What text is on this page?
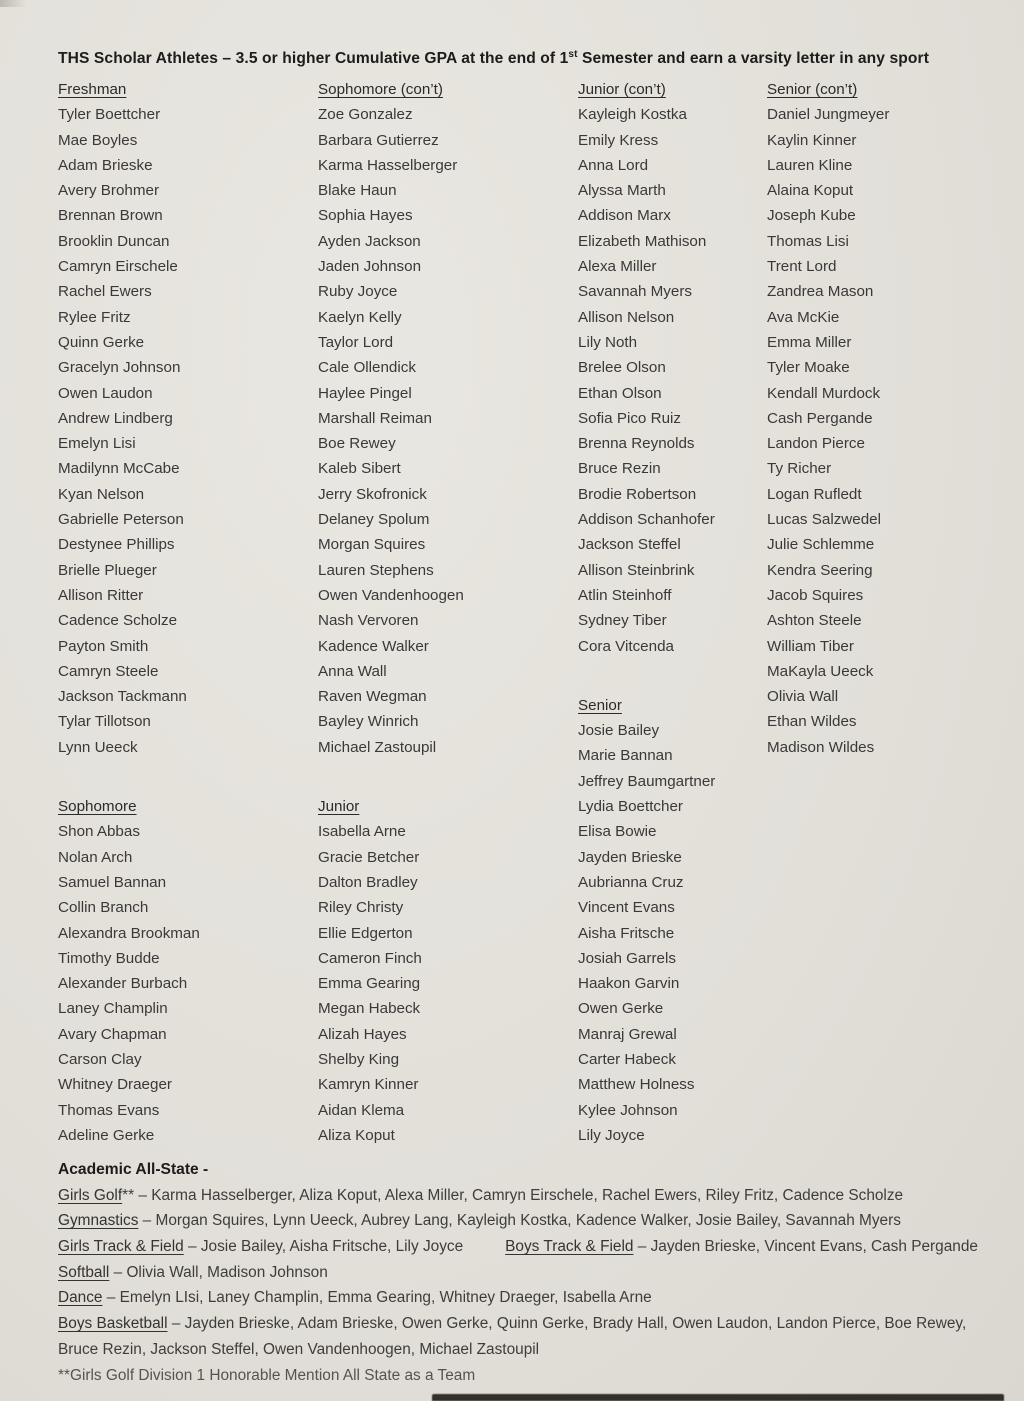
THS Scholar Athletes – 3.5 or higher Cumulative GPA at the end of 1st Semester and earn a varsity letter in any sport
Freshman
Tyler Boettcher
Mae Boyles
Adam Brieske
Avery Brohmer
Brennan Brown
Brooklin Duncan
Camryn Eirschele
Rachel Ewers
Rylee Fritz
Quinn Gerke
Gracelyn Johnson
Owen Laudon
Andrew Lindberg
Emelyn Lisi
Madilynn McCabe
Kyan Nelson
Gabrielle Peterson
Destynee Phillips
Brielle Plueger
Allison Ritter
Cadence Scholze
Payton Smith
Camryn Steele
Jackson Tackmann
Tylar Tillotson
Lynn Ueeck
Sophomore
Shon Abbas
Nolan Arch
Samuel Bannan
Collin Branch
Alexandra Brookman
Timothy Budde
Alexander Burbach
Laney Champlin
Avary Chapman
Carson Clay
Whitney Draeger
Thomas Evans
Adeline Gerke
Sophomore (con’t)
Zoe Gonzalez
Barbara Gutierrez
Karma Hasselberger
Blake Haun
Sophia Hayes
Ayden Jackson
Jaden Johnson
Ruby Joyce
Kaelyn Kelly
Taylor Lord
Cale Ollendick
Haylee Pingel
Marshall Reiman
Boe Rewey
Kaleb Sibert
Jerry Skofronick
Delaney Spolum
Morgan Squires
Lauren Stephens
Owen Vandenhoogen
Nash Vervoren
Kadence Walker
Anna Wall
Raven Wegman
Bayley Winrich
Michael Zastoupil
Junior
Isabella Arne
Gracie Betcher
Dalton Bradley
Riley Christy
Ellie Edgerton
Cameron Finch
Emma Gearing
Megan Habeck
Alizah Hayes
Shelby King
Kamryn Kinner
Aidan Klema
Aliza Koput
Junior (con’t)
Kayleigh Kostka
Emily Kress
Anna Lord
Alyssa Marth
Addison Marx
Elizabeth Mathison
Alexa Miller
Savannah Myers
Allison Nelson
Lily Noth
Brelee Olson
Ethan Olson
Sofia Pico Ruiz
Brenna Reynolds
Bruce Rezin
Brodie Robertson
Addison Schanhofer
Jackson Steffel
Allison Steinbrink
Atlin Steinhoff
Sydney Tiber
Cora Vitcenda
Senior
Josie Bailey
Marie Bannan
Jeffrey Baumgartner
Lydia Boettcher
Elisa Bowie
Jayden Brieske
Aubrianna Cruz
Vincent Evans
Aisha Fritsche
Josiah Garrels
Haakon Garvin
Owen Gerke
Manraj Grewal
Carter Habeck
Matthew Holness
Kylee Johnson
Lily Joyce
Senior (con’t)
Daniel Jungmeyer
Kaylin Kinner
Lauren Kline
Alaina Koput
Joseph Kube
Thomas Lisi
Trent Lord
Zandrea Mason
Ava McKie
Emma Miller
Tyler Moake
Kendall Murdock
Cash Pergande
Landon Pierce
Ty Richer
Logan Rufledt
Lucas Salzwedel
Julie Schlemme
Kendra Seering
Jacob Squires
Ashton Steele
William Tiber
MaKayla Ueeck
Olivia Wall
Ethan Wildes
Madison Wildes
Academic All-State -
Girls Golf** – Karma Hasselberger, Aliza Koput, Alexa Miller, Camryn Eirschele, Rachel Ewers, Riley Fritz, Cadence Scholze
Gymnastics – Morgan Squires, Lynn Ueeck, Aubrey Lang, Kayleigh Kostka, Kadence Walker, Josie Bailey, Savannah Myers
Girls Track & Field – Josie Bailey, Aisha Fritsche, Lily Joyce	Boys Track & Field – Jayden Brieske, Vincent Evans, Cash Pergande
Softball – Olivia Wall, Madison Johnson
Dance – Emelyn LIsi, Laney Champlin, Emma Gearing, Whitney Draeger, Isabella Arne
Boys Basketball – Jayden Brieske, Adam Brieske, Owen Gerke, Quinn Gerke, Brady Hall, Owen Laudon, Landon Pierce, Boe Rewey,
Bruce Rezin, Jackson Steffel, Owen Vandenhoogen, Michael Zastoupil
**Girls Golf Division 1 Honorable Mention All State as a Team
